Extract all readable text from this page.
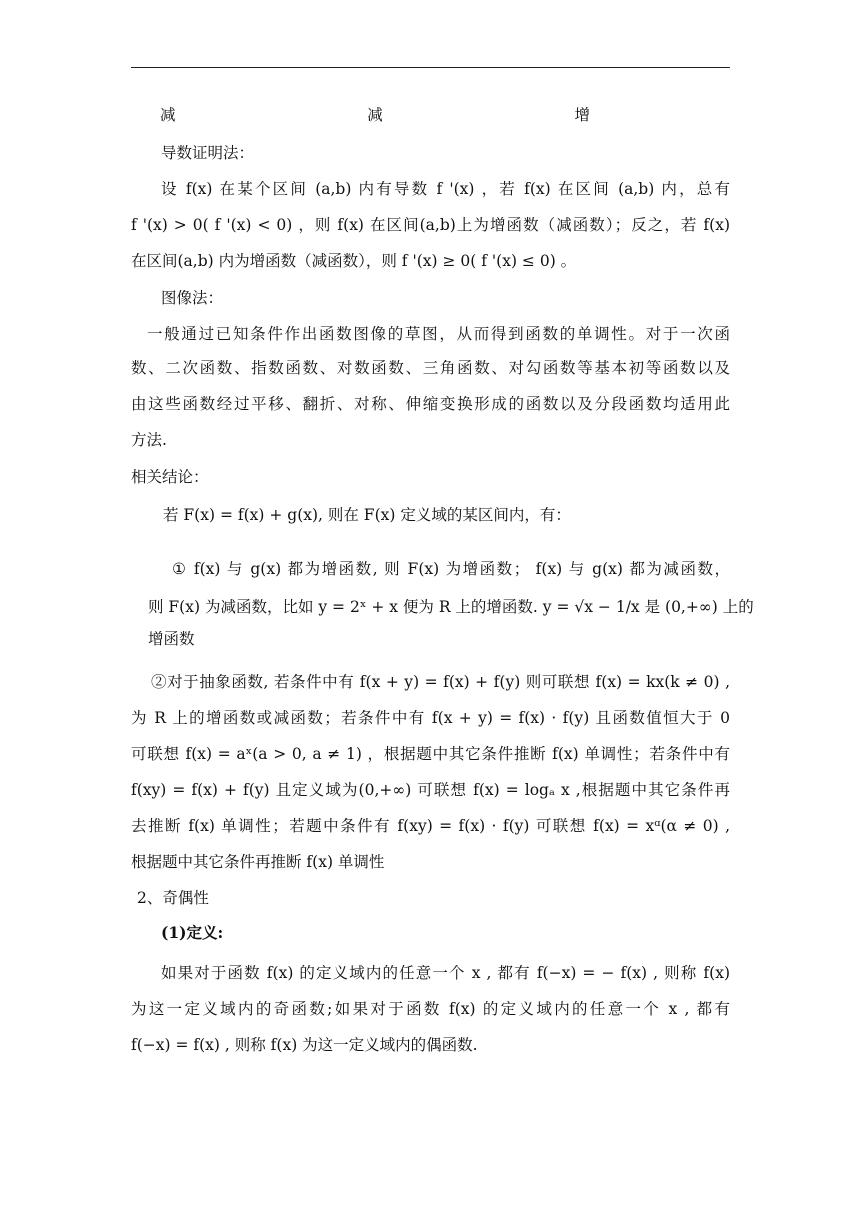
减	减	增
导数证明法：
设 f(x) 在某个区间 (a,b) 内有导数 f '(x) ，若 f(x) 在区间 (a,b) 内，总有
f '(x) > 0( f '(x) < 0) ，则 f(x) 在区间(a,b)上为增函数（减函数）；反之，若 f(x)
在区间(a,b) 内为增函数（减函数），则 f '(x) ≥ 0( f '(x) ≤ 0) 。
图像法：
一般通过已知条件作出函数图像的草图，从而得到函数的单调性。对于一次函
数、二次函数、指数函数、对数函数、三角函数、对勾函数等基本初等函数以及
由这些函数经过平移、翻折、对称、伸缩变换形成的函数以及分段函数均适用此
方法.
相关结论：
若 F(x) = f(x) + g(x), 则在 F(x) 定义域的某区间内，有：
① f(x) 与 g(x) 都为增函数, 则 F(x) 为增函数； f(x) 与 g(x) 都为减函数，
则 F(x) 为减函数，比如 y = 2ˣ + x 便为 R 上的增函数. y = √x − 1/x 是 (0,+∞) 上的
增函数
②对于抽象函数, 若条件中有 f(x + y) = f(x) + f(y) 则可联想 f(x) = kx(k ≠ 0) ,
为 R 上的增函数或减函数；若条件中有 f(x + y) = f(x) · f(y) 且函数值恒大于 0
可联想 f(x) = aˣ(a > 0, a ≠ 1) ，根据题中其它条件推断 f(x) 单调性；若条件中有
f(xy) = f(x) + f(y) 且定义域为(0,+∞) 可联想 f(x) = logₐ x ,根据题中其它条件再
去推断 f(x) 单调性；若题中条件有 f(xy) = f(x) · f(y) 可联想 f(x) = xᵅ(α ≠ 0) ,
根据题中其它条件再推断 f(x) 单调性
2、奇偶性
(1)定义:
如果对于函数 f(x) 的定义域内的任意一个 x , 都有 f(−x) = − f(x) , 则称 f(x)
为这一定义域内的奇函数;如果对于函数 f(x) 的定义域内的任意一个 x , 都有
f(−x) = f(x) , 则称 f(x) 为这一定义域内的偶函数.
